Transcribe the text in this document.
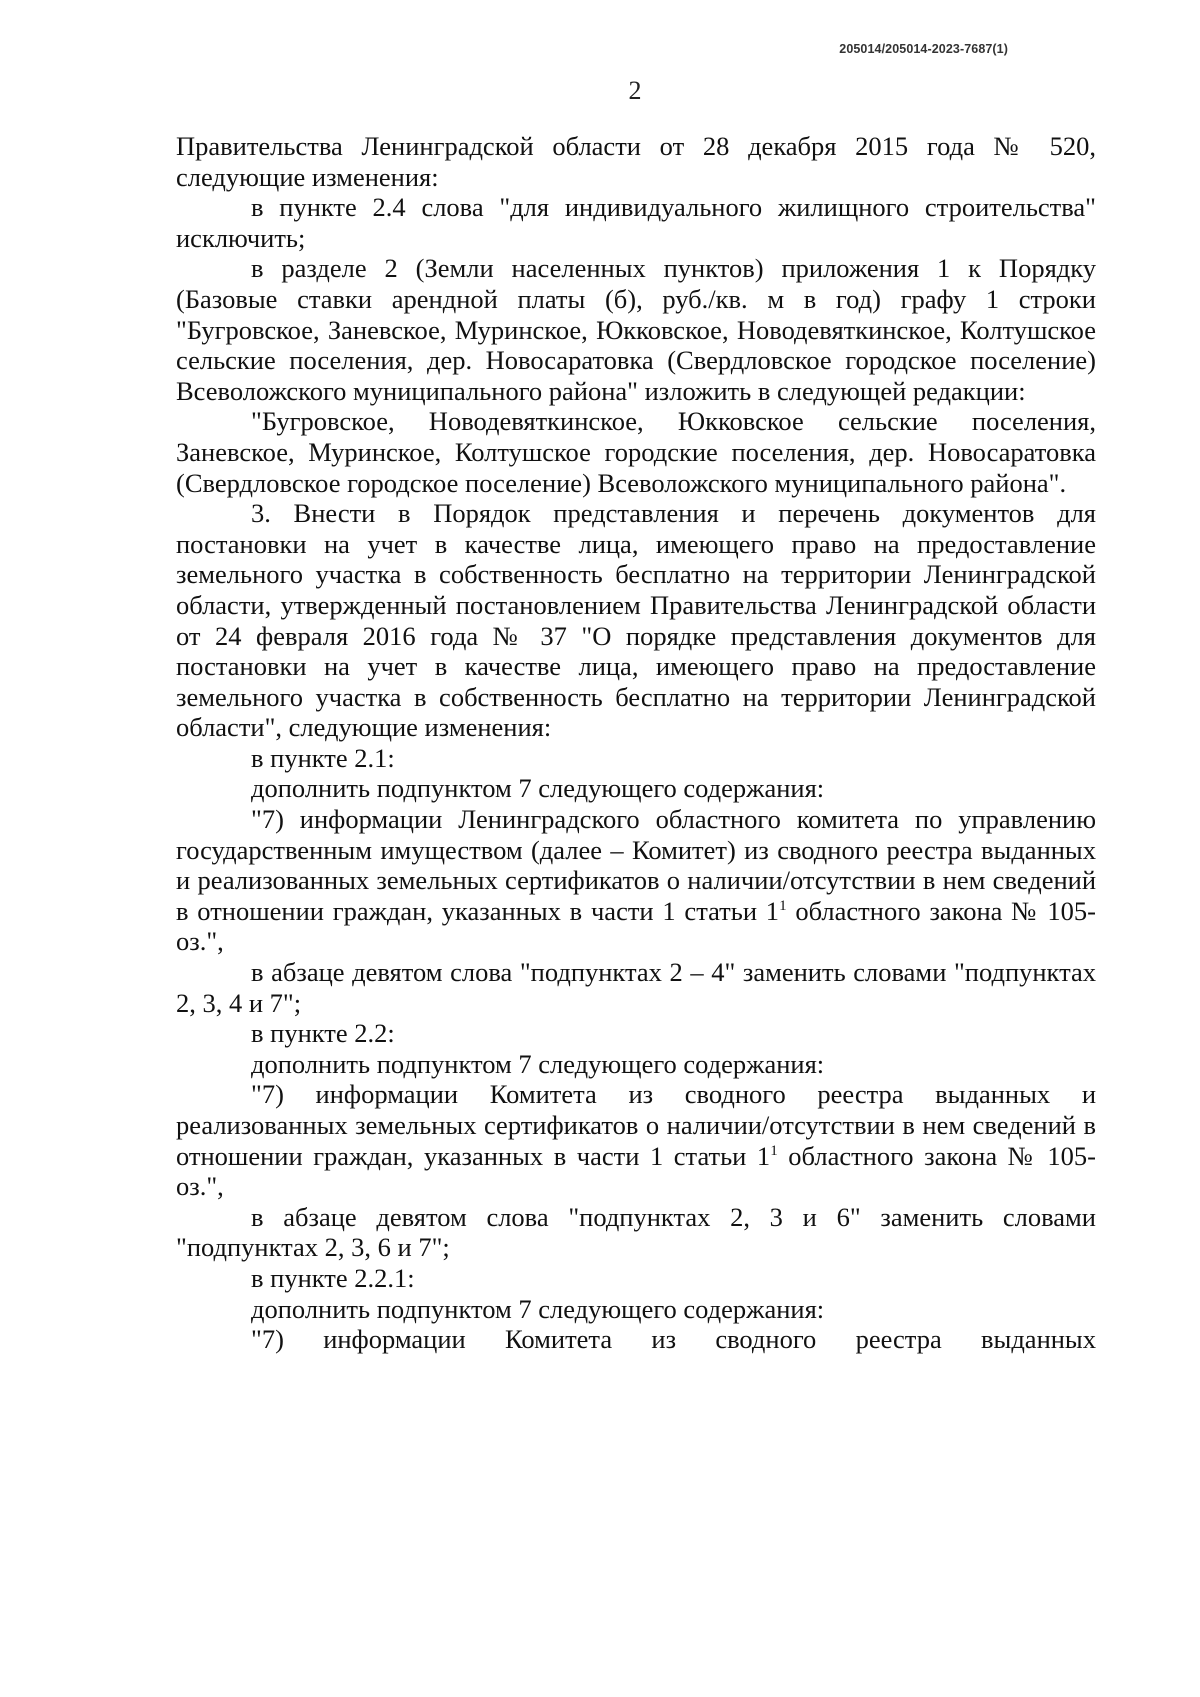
205014/205014-2023-7687(1)
2

Правительства Ленинградской области от 28 декабря 2015 года № 520, следующие изменения:

в пункте 2.4 слова "для индивидуального жилищного строительства" исключить;

в разделе 2 (Земли населенных пунктов) приложения 1 к Порядку (Базовые ставки арендной платы (б), руб./кв. м в год) графу 1 строки "Бугровское, Заневское, Муринское, Юкковское, Новодевяткинское, Колтушское сельские поселения, дер. Новосаратовка (Свердловское городское поселение) Всеволожского муниципального района" изложить в следующей редакции:

"Бугровское, Новодевяткинское, Юкковское сельские поселения, Заневское, Муринское, Колтушское городские поселения, дер. Новосаратовка (Свердловское городское поселение) Всеволожского муниципального района".

3. Внести в Порядок представления и перечень документов для постановки на учет в качестве лица, имеющего право на предоставление земельного участка в собственность бесплатно на территории Ленинградской области, утвержденный постановлением Правительства Ленинградской области от 24 февраля 2016 года № 37 "О порядке представления документов для постановки на учет в качестве лица, имеющего право на предоставление земельного участка в собственность бесплатно на территории Ленинградской области", следующие изменения:

в пункте 2.1:

дополнить подпунктом 7 следующего содержания:

"7) информации Ленинградского областного комитета по управлению государственным имуществом (далее – Комитет) из сводного реестра выданных и реализованных земельных сертификатов о наличии/отсутствии в нем сведений в отношении граждан, указанных в части 1 статьи $1^1$ областного закона № 105-оз.",

в абзаце девятом слова "подпунктах 2 – 4" заменить словами "подпунктах 2, 3, 4 и 7";

в пункте 2.2:

дополнить подпунктом 7 следующего содержания:

"7) информации Комитета из сводного реестра выданных и реализованных земельных сертификатов о наличии/отсутствии в нем сведений в отношении граждан, указанных в части 1 статьи $1^1$ областного закона № 105-оз.",

в абзаце девятом слова "подпунктах 2, 3 и 6" заменить словами "подпунктах 2, 3, 6 и 7";

в пункте 2.2.1:

дополнить подпунктом 7 следующего содержания:

"7) информации Комитета из сводного реестра выданных
